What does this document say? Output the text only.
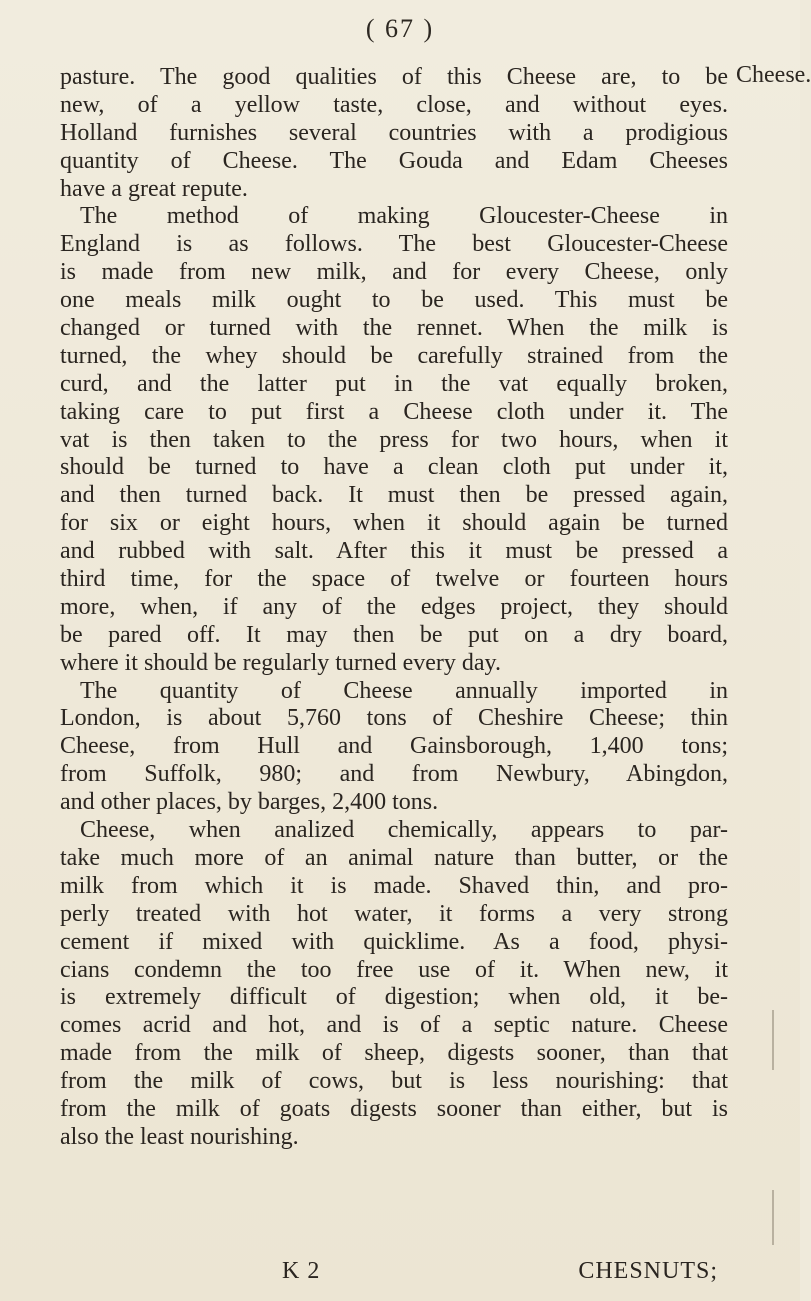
( 67 )
Cheese.
pasture. The good qualities of this Cheese are, to be
new, of a yellow taste, close, and without eyes.
Holland furnishes several countries with a prodigious
quantity of Cheese. The Gouda and Edam Cheeses
have a great repute.
The method of making Gloucester-Cheese in
England is as follows. The best Gloucester-Cheese
is made from new milk, and for every Cheese, only
one meals milk ought to be used. This must be
changed or turned with the rennet. When the milk is
turned, the whey should be carefully strained from the
curd, and the latter put in the vat equally broken,
taking care to put first a Cheese cloth under it. The
vat is then taken to the press for two hours, when it
should be turned to have a clean cloth put under it,
and then turned back. It must then be pressed again,
for six or eight hours, when it should again be turned
and rubbed with salt. After this it must be pressed a
third time, for the space of twelve or fourteen hours
more, when, if any of the edges project, they should
be pared off. It may then be put on a dry board,
where it should be regularly turned every day.
The quantity of Cheese annually imported in
London, is about 5,760 tons of Cheshire Cheese; thin
Cheese, from Hull and Gainsborough, 1,400 tons;
from Suffolk, 980; and from Newbury, Abingdon,
and other places, by barges, 2,400 tons.
Cheese, when analized chemically, appears to par-
take much more of an animal nature than butter, or the
milk from which it is made. Shaved thin, and pro-
perly treated with hot water, it forms a very strong
cement if mixed with quicklime. As a food, physi-
cians condemn the too free use of it. When new, it
is extremely difficult of digestion; when old, it be-
comes acrid and hot, and is of a septic nature. Cheese
made from the milk of sheep, digests sooner, than that
from the milk of cows, but is less nourishing: that
from the milk of goats digests sooner than either, but is
also the least nourishing.
K 2	CHESNUTS;
